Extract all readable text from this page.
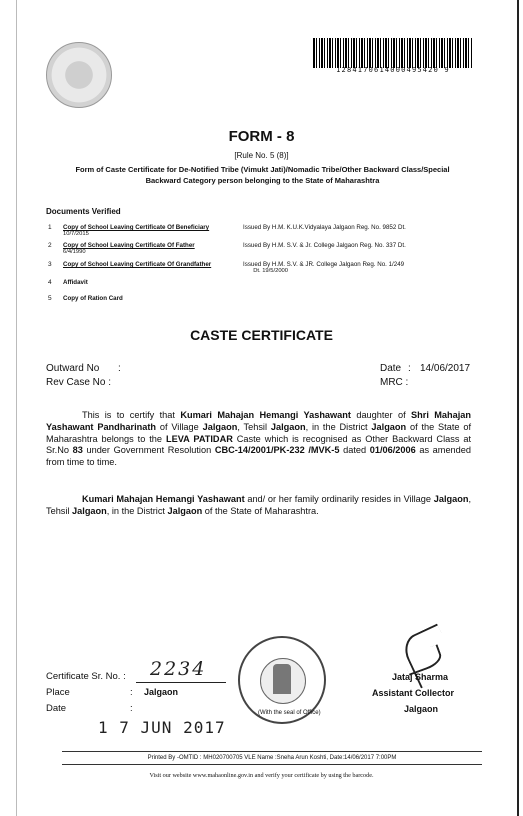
1284170614000495420 9
FORM - 8
[Rule No. 5 (8)]
Form of Caste Certificate for De-Notified Tribe (Vimukt Jati)/Nomadic Tribe/Other Backward Class/Special Backward Category person belonging to the State of Maharashtra
Documents Verified
1 Copy of School Leaving Certificate Of Beneficiary	Issued By H.M. K.U.K.Vidyalaya Jalgaon Reg. No. 9852 Dt.
10/7/2015
2 Copy of School Leaving Certificate Of Father	Issued By H.M. S.V. & Jr. College Jalgaon Reg. No. 337 Dt.
6/4/1990
3 Copy of School Leaving Certificate Of Grandfather	Issued By H.M. S.V. & JR. College Jalgaon Reg. No. 1/249
Dt. 19/5/2000
4 Affidavit
5 Copy of Ration Card
CASTE CERTIFICATE
Outward No :
Rev Case No :
Date : 14/06/2017
MRC :
This is to certify that Kumari Mahajan Hemangi Yashawant daughter of Shri Mahajan Yashawant Pandharinath of Village Jalgaon, Tehsil Jalgaon, in the District Jalgaon of the State of Maharashtra belongs to the LEVA PATIDAR Caste which is recognised as Other Backward Class at Sr.No 83 under Government Resolution CBC-14/2001/PK-232 /MVK-5 dated 01/06/2006 as amended from time to time.
Kumari Mahajan Hemangi Yashawant and/ or her family ordinarily resides in Village Jalgaon, Tehsil Jalgaon, in the District Jalgaon of the State of Maharashtra.
Certificate Sr. No. : 2234
Place	: Jalgaon
Date	:
1 7 JUN 2017
(With the seal of Office)
Jataj Sharma
Assistant Collector
Jalgaon
Printed By -OMTID : MH020700705 VLE Name :Sneha Arun Koshti, Date:14/06/2017 7:00PM
Visit our website www.mahaonline.gov.in and verify your certificate by using the barcode.
